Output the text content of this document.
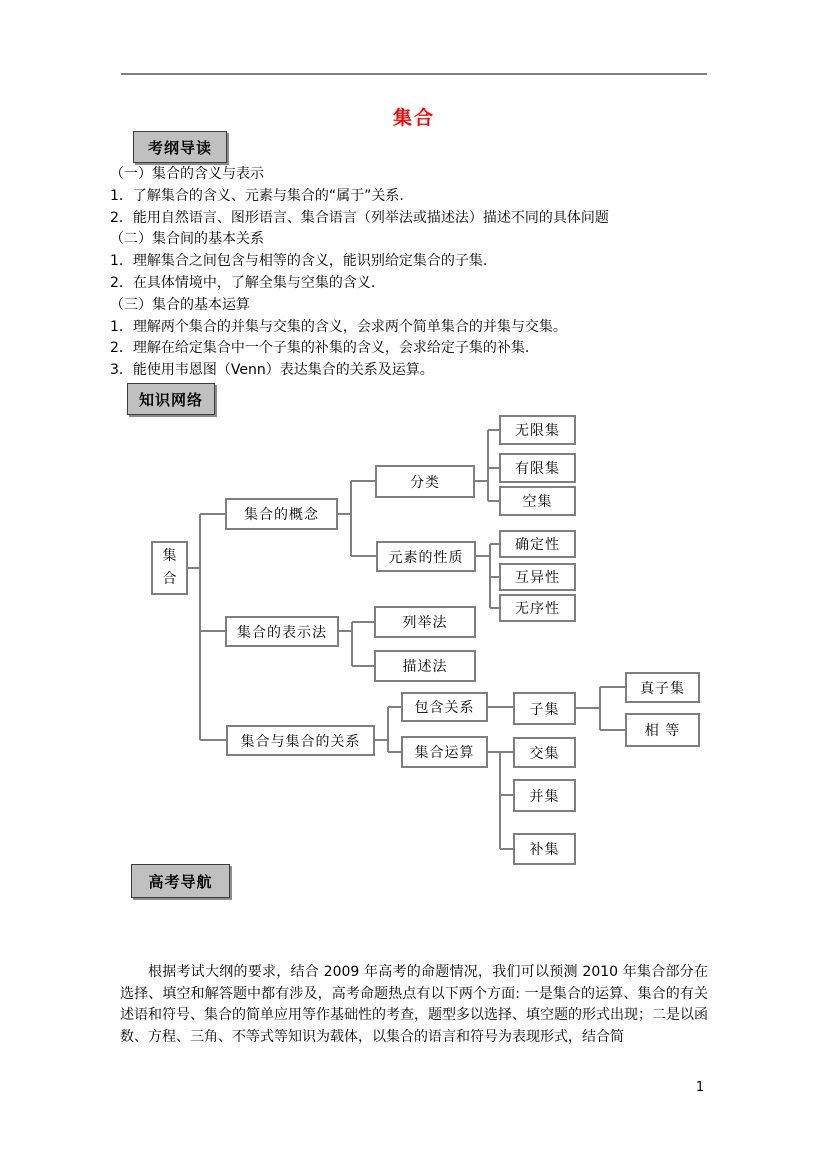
集合
考纲导读
（一）集合的含义与表示
1．了解集合的含义、元素与集合的“属于”关系.
2．能用自然语言、图形语言、集合语言（列举法或描述法）描述不同的具体问题
（二）集合间的基本关系
1．理解集合之间包含与相等的含义，能识别给定集合的子集.
2．在具体情境中，了解全集与空集的含义.
（三）集合的基本运算
1．理解两个集合的并集与交集的含义，会求两个简单集合的并集与交集。
2．理解在给定集合中一个子集的补集的含义，会求给定子集的补集.
3．能使用韦恩图（Venn）表达集合的关系及运算。
知识网络
集
合
集合的概念
分类
无限集
有限集
空集
元素的性质
确定性
互异性
无序性
集合的表示法
列举法
描述法
集合与集合的关系
包含关系	子集
真子集
相 等
集合运算	交集
并集
补集
高考导航

根据考试大纲的要求，结合 2009 年高考的命题情况，我们可以预测 2010 年集合部分在选择、填空和解答题中都有涉及，高考命题热点有以下两个方面: 一是集合的运算、集合的有关述语和符号、集合的简单应用等作基础性的考查，题型多以选择、填空题的形式出现；二是以函数、方程、三角、不等式等知识为载体，以集合的语言和符号为表现形式，结合简

1
